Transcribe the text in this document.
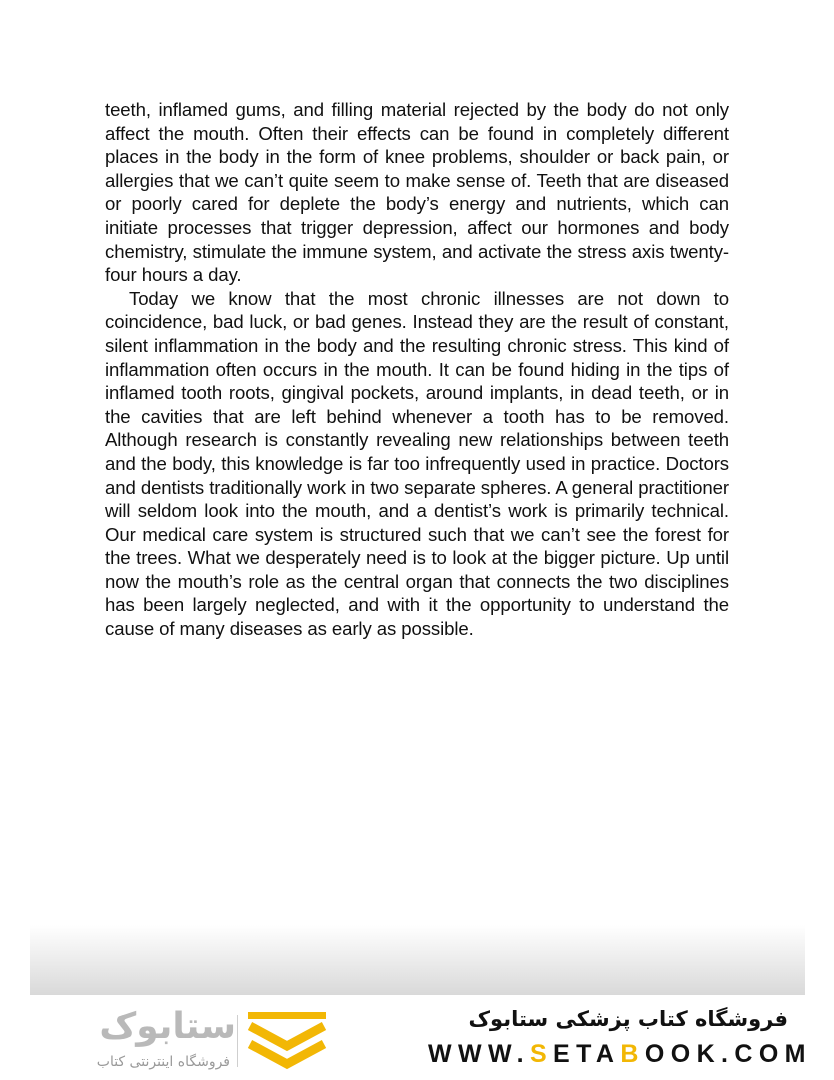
teeth, inflamed gums, and filling material rejected by the body do not only affect the mouth. Often their effects can be found in completely different places in the body in the form of knee problems, shoulder or back pain, or allergies that we can’t quite seem to make sense of. Teeth that are diseased or poorly cared for deplete the body’s energy and nutrients, which can initiate processes that trigger depression, affect our hormones and body chemistry, stimulate the immune system, and activate the stress axis twenty-four hours a day.

Today we know that the most chronic illnesses are not down to coincidence, bad luck, or bad genes. Instead they are the result of constant, silent inflammation in the body and the resulting chronic stress. This kind of inflammation often occurs in the mouth. It can be found hiding in the tips of inflamed tooth roots, gingival pockets, around implants, in dead teeth, or in the cavities that are left behind whenever a tooth has to be removed. Although research is constantly revealing new relationships between teeth and the body, this knowledge is far too infrequently used in practice. Doctors and dentists traditionally work in two separate spheres. A general practitioner will seldom look into the mouth, and a dentist’s work is primarily technical. Our medical care system is structured such that we can’t see the forest for the trees. What we desperately need is to look at the bigger picture. Up until now the mouth’s role as the central organ that connects the two disciplines has been largely neglected, and with it the opportunity to understand the cause of many diseases as early as possible.

ستابوک
فروشگاه اینترنتی کتاب
فروشگاه کتاب پزشکی ستابوک
WWW.SETABOOK.COM
